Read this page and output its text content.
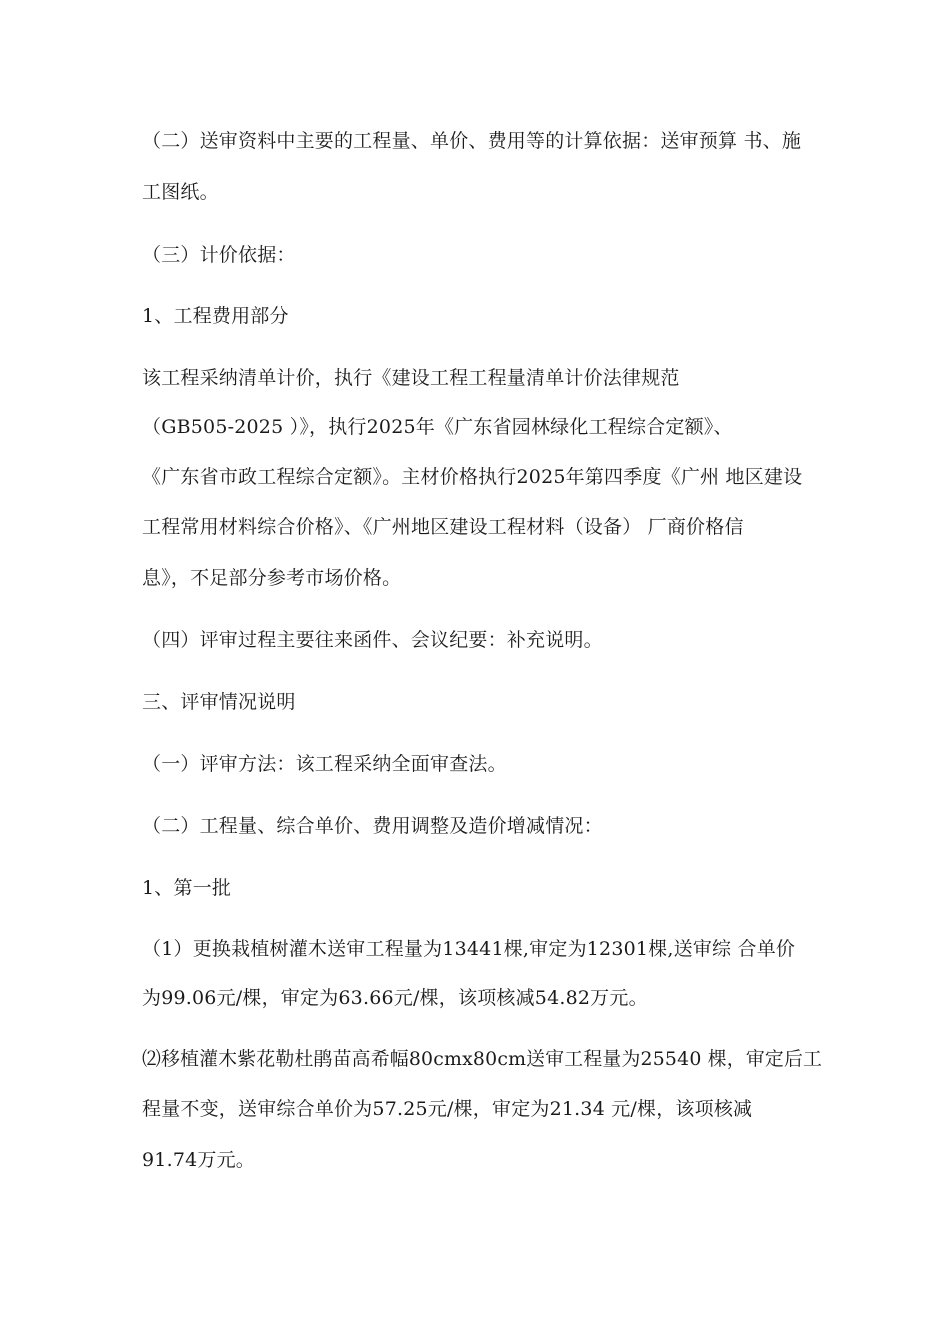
（二）送审资料中主要的工程量、单价、费用等的计算依据：送审预算 书、施
工图纸。
（三）计价依据：
1、工程费用部分
该工程采纳清单计价，执行《建设工程工程量清单计价法律规范
（GB505-2025 ）》，执行2025年《广东省园林绿化工程综合定额》、
《广东省市政工程综合定额》。主材价格执行2025年第四季度《广州 地区建设
工程常用材料综合价格》、《广州地区建设工程材料（设备） 厂商价格信
息》，不足部分参考市场价格。
（四）评审过程主要往来函件、会议纪要：补充说明。
三、评审情况说明
（一）评审方法：该工程采纳全面审查法。
（二）工程量、综合单价、费用调整及造价增减情况：
1、第一批
（1）更换栽植树灌木送审工程量为13441棵,审定为12301棵,送审综 合单价
为99.06元/棵，审定为63.66元/棵，该项核减54.82万元。
⑵移植灌木紫花勒杜鹃苗高希幅80cmx80cm送审工程量为25540 棵，审定后工
程量不变，送审综合单价为57.25元/棵，审定为21.34 元/棵，该项核减
91.74万元。
